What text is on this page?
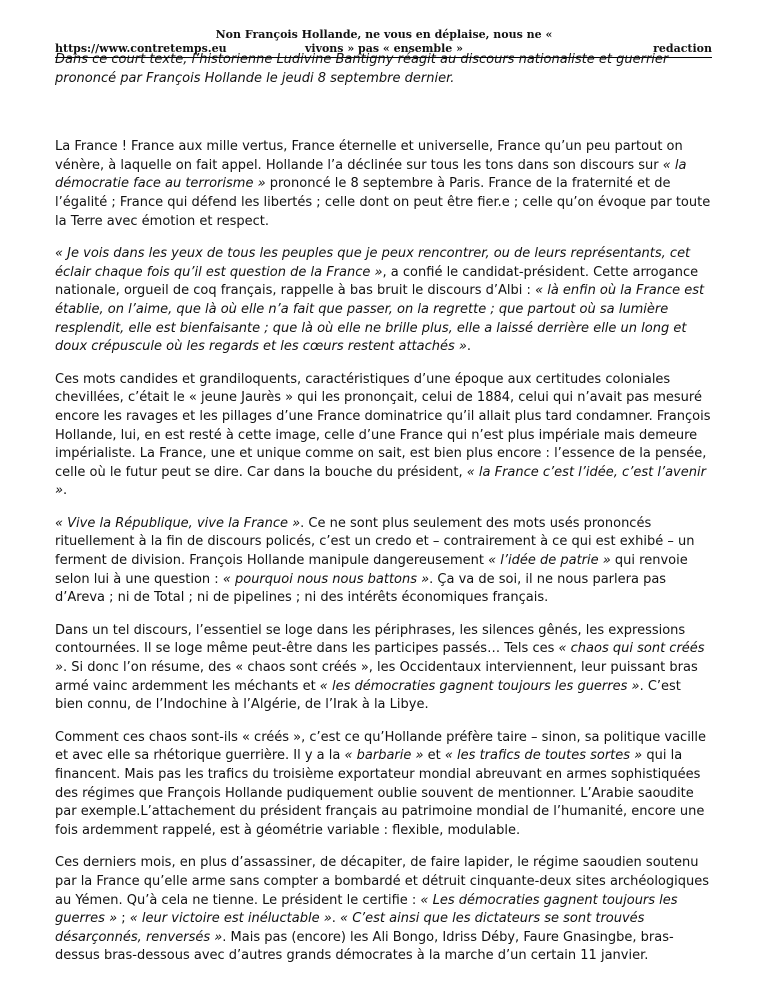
Non François Hollande, ne vous en déplaise, nous ne «
vivons » pas « ensemble »
https://www.contretemps.eu	redaction

Dans ce court texte, l’historienne Ludivine Bantigny réagit au discours nationaliste et guerrier prononcé par François Hollande le jeudi 8 septembre dernier.

La France ! France aux mille vertus, France éternelle et universelle, France qu’un peu partout on vénère, à laquelle on fait appel. Hollande l’a déclinée sur tous les tons dans son discours sur « la démocratie face au terrorisme » prononcé le 8 septembre à Paris. France de la fraternité et de l’égalité ; France qui défend les libertés ; celle dont on peut être fier.e ; celle qu’on évoque par toute la Terre avec émotion et respect.

« Je vois dans les yeux de tous les peuples que je peux rencontrer, ou de leurs représentants, cet éclair chaque fois qu’il est question de la France », a confié le candidat-président. Cette arrogance nationale, orgueil de coq français, rappelle à bas bruit le discours d’Albi : « là enfin où la France est établie, on l’aime, que là où elle n’a fait que passer, on la regrette ; que partout où sa lumière resplendit, elle est bienfaisante ; que là où elle ne brille plus, elle a laissé derrière elle un long et doux crépuscule où les regards et les cœurs restent attachés ».

Ces mots candides et grandiloquents, caractéristiques d’une époque aux certitudes coloniales chevillées, c’était le « jeune Jaurès » qui les prononçait, celui de 1884, celui qui n’avait pas mesuré encore les ravages et les pillages d’une France dominatrice qu’il allait plus tard condamner. François Hollande, lui, en est resté à cette image, celle d’une France qui n’est plus impériale mais demeure impérialiste. La France, une et unique comme on sait, est bien plus encore : l’essence de la pensée, celle où le futur peut se dire. Car dans la bouche du président, « la France c’est l’idée, c’est l’avenir ».

« Vive la République, vive la France ». Ce ne sont plus seulement des mots usés prononcés rituellement à la fin de discours policés, c’est un credo et – contrairement à ce qui est exhibé – un ferment de division. François Hollande manipule dangereusement « l’idée de patrie » qui renvoie selon lui à une question : « pourquoi nous nous battons ». Ça va de soi, il ne nous parlera pas d’Areva ; ni de Total ; ni de pipelines ; ni des intérêts économiques français.

Dans un tel discours, l’essentiel se loge dans les périphrases, les silences gênés, les expressions contournées. Il se loge même peut-être dans les participes passés… Tels ces « chaos qui sont créés ». Si donc l’on résume, des « chaos sont créés », les Occidentaux interviennent, leur puissant bras armé vainc ardemment les méchants et « les démocraties gagnent toujours les guerres ». C’est bien connu, de l’Indochine à l’Algérie, de l’Irak à la Libye.

Comment ces chaos sont-ils « créés », c’est ce qu’Hollande préfère taire – sinon, sa politique vacille et avec elle sa rhétorique guerrière. Il y a la « barbarie » et « les trafics de toutes sortes » qui la financent. Mais pas les trafics du troisième exportateur mondial abreuvant en armes sophistiquées des régimes que François Hollande pudiquement oublie souvent de mentionner. L’Arabie saoudite par exemple.L’attachement du président français au patrimoine mondial de l’humanité, encore une fois ardemment rappelé, est à géométrie variable : flexible, modulable.

Ces derniers mois, en plus d’assassiner, de décapiter, de faire lapider, le régime saoudien soutenu par la France qu’elle arme sans compter a bombardé et détruit cinquante-deux sites archéologiques au Yémen. Qu’à cela ne tienne. Le président le certifie : « Les démocraties gagnent toujours les guerres » ; « leur victoire est inéluctable ». « C’est ainsi que les dictateurs se sont trouvés désarçonnés, renversés ». Mais pas (encore) les Ali Bongo, Idriss Déby, Faure Gnasingbe, bras-dessus bras-dessous avec d’autres grands démocrates à la marche d’un certain 11 janvier.
